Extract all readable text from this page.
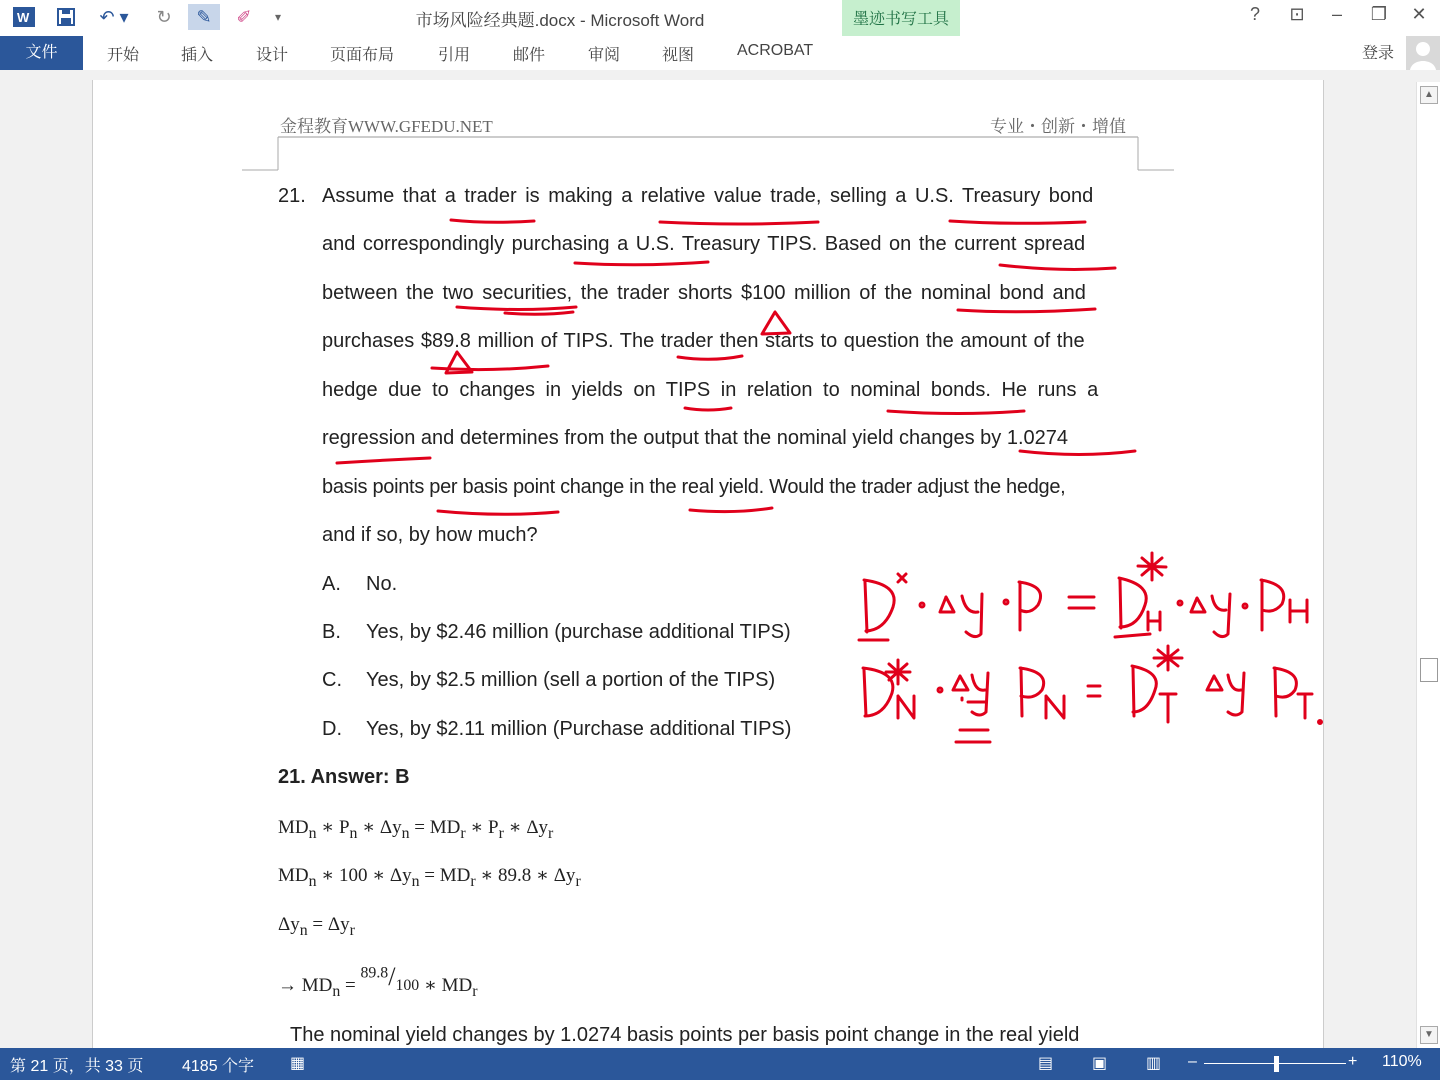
W	↶ ▾	↻	✎	✐	▾	市场风险经典题.docx - Microsoft Word	?	⊡	–	❐	✕
墨迹书写工具
文件	开始	插入	设计	页面布局	引用	邮件	审阅	视图	ACROBAT	登录
▲
▼
金程教育WWW.GFEDU.NET	专业・创新・增值
21. Assume that a trader is making a relative value trade, selling a U.S. Treasury bond
and correspondingly purchasing a U.S. Treasury TIPS. Based on the current spread
between the two securities, the trader shorts $100 million of the nominal bond and
purchases $89.8 million of TIPS. The trader then starts to question the amount of the
hedge due to changes in yields on TIPS in relation to nominal bonds. He runs a
regression and determines from the output that the nominal yield changes by 1.0274
basis points per basis point change in the real yield. Would the trader adjust the hedge,
and if so, by how much?
A. No.
B. Yes, by $2.46 million (purchase additional TIPS)
C. Yes, by $2.5 million (sell a portion of the TIPS)
D. Yes, by $2.11 million (Purchase additional TIPS)
21. Answer: B
$MD_n$ ∗ $P_n$ ∗ $\Delta y_n = MD_r$ ∗ $P_r$ ∗ $\Delta y_r$
$MD_n$ ∗ 100 ∗ $\Delta y_n = MD_r$ ∗ 89.8 ∗ $\Delta y_r$
$\Delta y_n = \Delta y_r$
→ $MD_n = ^{89.8}/_{100}$ ∗ $MD_r$
The nominal yield changes by 1.0274 basis points per basis point change in the real yield
第 21 页，共 33 页 4185 个字 ▦	▤ ▣ ▥ –	+ 110%
